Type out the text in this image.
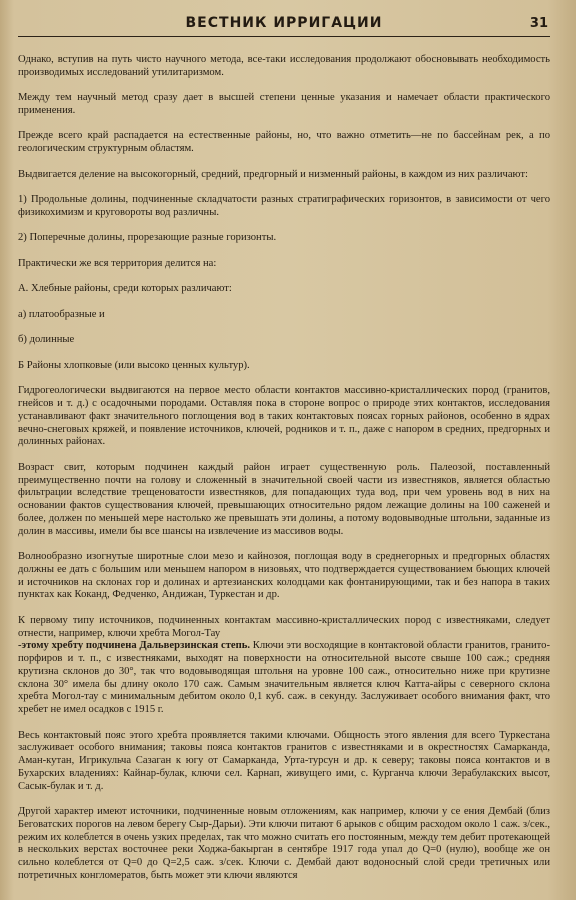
ВЕСТНИК ИРРИГАЦИИ	31

Однако, вступив на путь чисто научного метода, все-таки исследования продолжают обосновывать необходимость производимых исследований утилитаризмом.

Между тем научный метод сразу дает в высшей степени ценные указания и намечает области практического применения.

Прежде всего край распадается на естественные районы, но, что важно отметить—не по бассейнам рек, а по геологическим структурным областям.

Выдвигается деление на высокогорный, средний, предгорный и низменный районы, в каждом из них различают:

1) Продольные долины, подчиненные складчатости разных стратиграфических горизонтов, в зависимости от чего физикохимизм и круговороты вод различны.

2) Поперечные долины, прорезающие разные горизонты.

Практически же вся территория делится на:

А. Хлебные районы, среди которых различают:

а) платообразные и

б) долинные

Б Районы хлопковые (или высоко ценных культур).

Гидрогеологически выдвигаются на первое место области контактов массивно-кристаллических пород (гранитов, гнейсов и т. д.) с осадочными породами. Оставляя пока в стороне вопрос о природе этих контактов, исследования устанавливают факт значительного поглощения вод в таких контактовых поясах горных районов, особенно в ядрах вечно-снеговых кряжей, и появление источников, ключей, родников и т. п., даже с напором в средних, предгорных и долинных районах.

Возраст свит, которым подчинен каждый район играет существенную роль. Палеозой, поставленный преимущественно почти на голову и сложенный в значительной своей части из известняков, является областью фильтрации вследствие трещеноватости известняков, для попадающих туда вод, при чем уровень вод в них на основании фактов существования ключей, превышающих относительно рядом лежащие долины на 100 саженей и более, должен по меньшей мере настолько же превышать эти долины, а потому водовыводные штольни, заданные из долин в массивы, имели бы все шансы на извлечение из массивов воды.

Волнообразно изогнутые широтные слои мезо и кайнозоя, поглощая воду в среднегорных и предгорных областях должны ее дать с большим или меньшем напором в низовьях, что подтверждается существованием бьющих ключей и источников на склонах гор и долинах и артезианских колодцами как фонтанирующими, так и без напора в таких пунктах как Коканд, Федченко, Андижан, Туркестан и др.

К первому типу источников, подчиненных контактам массивно-кристаллических пород с известняками, следует отнести, например, ключи хребта Могол-Тау
-этому хребту подчинена Дальверзинская степь. Ключи эти восходящие в контактовой области гранитов, гранито-порфиров и т. п., с известняками, выходят на поверхности на относительной высоте свыше 100 саж.; средняя крутизна склонов до 30°, так что водовыводящая штольня на уровне 100 саж., относительно ниже при крутизне склона 30° имела бы длину около 170 саж. Самым значительным является ключ Катта-айры с северного склона хребта Могол-тау с минимальным дебитом около 0,1 куб. саж. в секунду. Заслуживает особого внимания факт, что хребет не имел осадков с 1915 г.

Весь контактовый пояс этого хребта проявляется такими ключами. Общность этого явления для всего Туркестана заслуживает особого внимания; таковы пояса контактов гранитов с известняками и в окрестностях Самарканда, Аман-кутан, Игрикульча Сазаган к югу от Самарканда, Урта-турсун и др. к северу; таковы пояса контактов и в Бухарских владениях: Кайнар-булак, ключи сел. Карнап, живущего ими, с. Курганча ключи Зерабулакских высот, Сасык-булак и т. д.

Другой характер имеют источники, подчиненные новым отложениям, как например, ключи у се ения Дембай (близ Беговатских порогов на левом берегу Сыр-Дарьи). Эти ключи питают 6 арыков с общим расходом около 1 саж. з/сек., режим их колеблется в очень узких пределах, так что можно считать его постоянным, между тем дебит протекающей в нескольких верстах восточнее реки Ходжа-бакырган в сентябре 1917 года упал до Q=0 (нулю), вообще же он сильно колеблется от Q=0 до Q=2,5 саж. з/сек. Ключи с. Дембай дают водоносный слой среди третичных или потретичных конгломератов, быть может эти ключи являются
